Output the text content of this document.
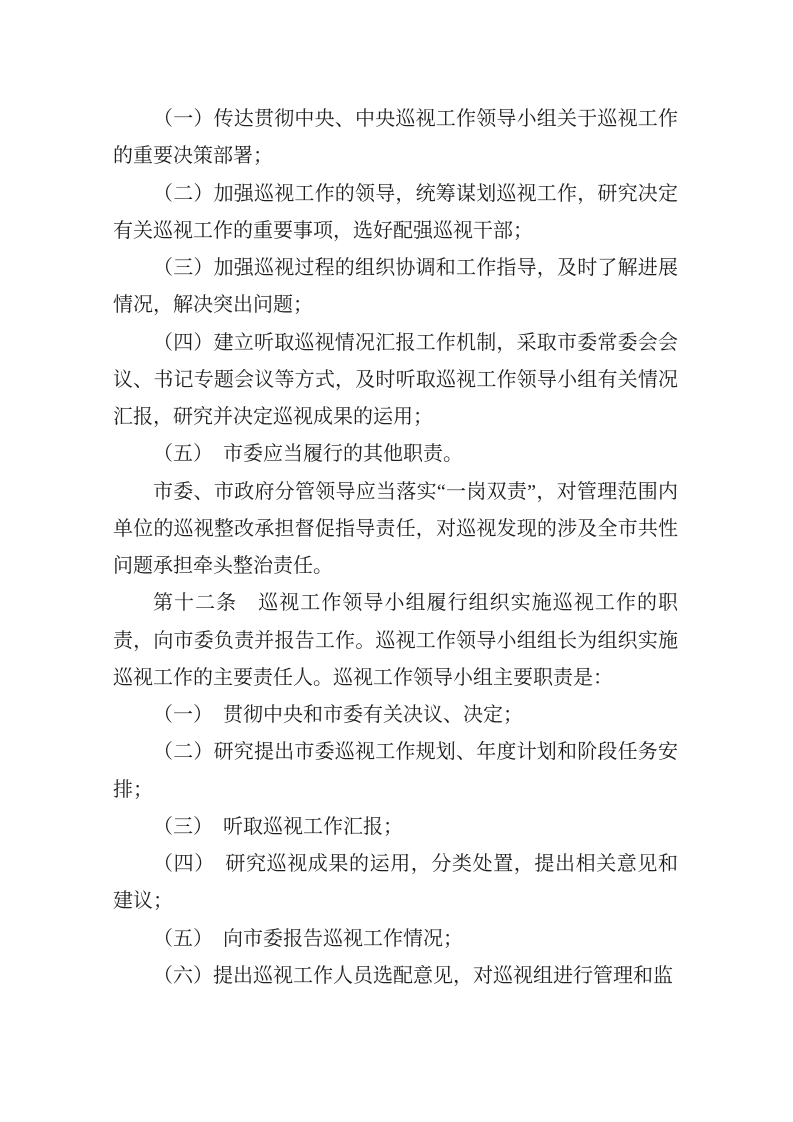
（一）传达贯彻中央、中央巡视工作领导小组关于巡视工作的重要决策部署；

（二）加强巡视工作的领导，统筹谋划巡视工作，研究决定有关巡视工作的重要事项，选好配强巡视干部；

（三）加强巡视过程的组织协调和工作指导，及时了解进展情况，解决突出问题；

（四）建立听取巡视情况汇报工作机制，采取市委常委会会议、书记专题会议等方式，及时听取巡视工作领导小组有关情况汇报，研究并决定巡视成果的运用；

（五）　市委应当履行的其他职责。

市委、市政府分管领导应当落实“一岗双责”，对管理范围内单位的巡视整改承担督促指导责任，对巡视发现的涉及全市共性问题承担牵头整治责任。

第十二条　巡视工作领导小组履行组织实施巡视工作的职责，向市委负责并报告工作。巡视工作领导小组组长为组织实施巡视工作的主要责任人。巡视工作领导小组主要职责是：

（一）　贯彻中央和市委有关决议、决定；

（二）研究提出市委巡视工作规划、年度计划和阶段任务安排；

（三）　听取巡视工作汇报；

（四）　研究巡视成果的运用，分类处置，提出相关意见和建议；

（五）　向市委报告巡视工作情况；

（六）提出巡视工作人员选配意见，对巡视组进行管理和监
